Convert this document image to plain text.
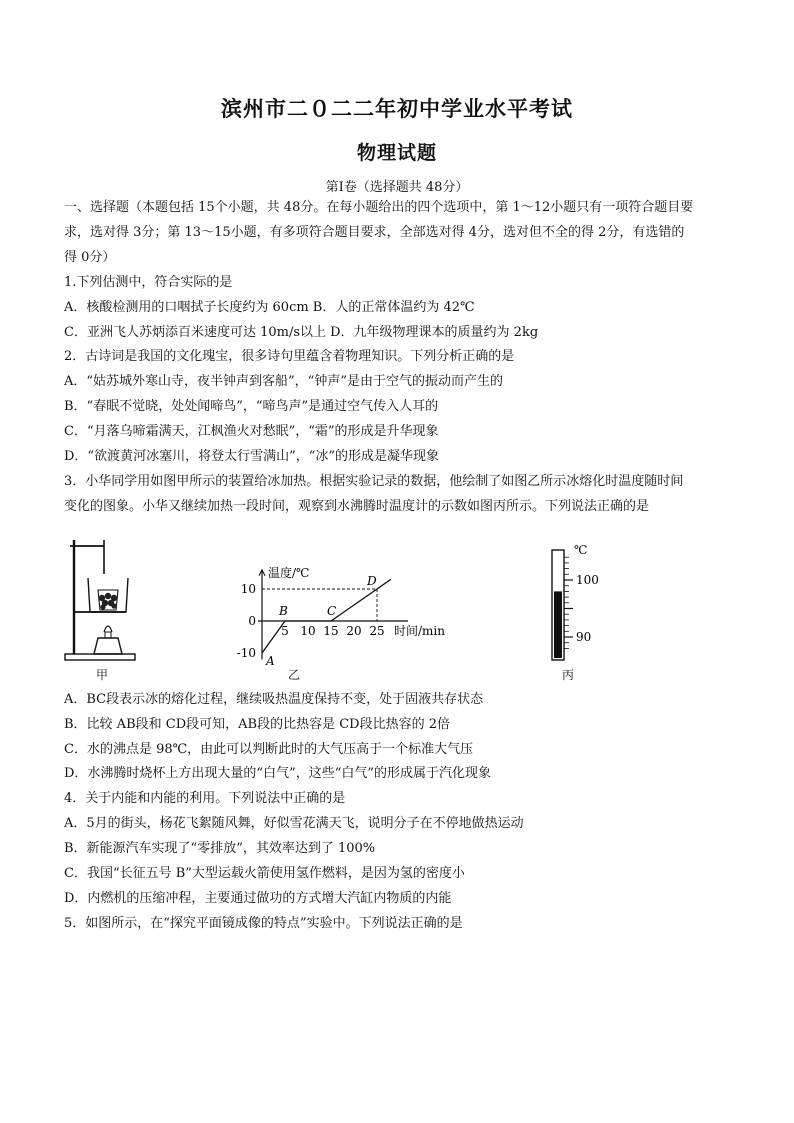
滨州市二０二二年初中学业水平考试
物理试题
第Ⅰ卷（选择题共 48分）
一、选择题（本题包括 15个小题，共 48分。在每小题给出的四个选项中，第 1～12小题只有一项符合题目要
求，选对得 3分；第 13～15小题，有多项符合题目要求，全部选对得 4分，选对但不全的得 2分，有选错的
得 0分）
1.下列估测中，符合实际的是
A．核酸检测用的口咽拭子长度约为 60cm B．人的正常体温约为 42℃
C．亚洲飞人苏炳添百米速度可达 10m/s以上 D．九年级物理课本的质量约为 2kg
2．古诗词是我国的文化瑰宝，很多诗句里蕴含着物理知识。下列分析正确的是
A．“姑苏城外寒山寺，夜半钟声到客船”，“钟声”是由于空气的振动而产生的
B．“春眠不觉晓，处处闻啼鸟”，“啼鸟声”是通过空气传入人耳的
C．“月落乌啼霜满天，江枫渔火对愁眠”，“霜”的形成是升华现象
D．“欲渡黄河冰塞川，将登太行雪满山”，“冰”的形成是凝华现象
3．小华同学用如图甲所示的装置给冰加热。根据实验记录的数据，他绘制了如图乙所示冰熔化时温度随时间
变化的图象。小华又继续加热一段时间，观察到水沸腾时温度计的示数如图丙所示。下列说法正确的是
甲
温度/℃
时间/min
5 10 15 20 25
-10
0
10
A
B	C
D
乙
℃
100
90
丙
A．BC段表示冰的熔化过程，继续吸热温度保持不变，处于固液共存状态
B．比较 AB段和 CD段可知，AB段的比热容是 CD段比热容的 2倍
C．水的沸点是 98℃，由此可以判断此时的大气压高于一个标准大气压
D．水沸腾时烧杯上方出现大量的“白气”，这些“白气”的形成属于汽化现象
4．关于内能和内能的利用。下列说法中正确的是
A．5月的街头，杨花飞絮随风舞，好似雪花满天飞，说明分子在不停地做热运动
B．新能源汽车实现了“零排放”，其效率达到了 100%
C．我国“长征五号 B”大型运载火箭使用氢作燃料，是因为氢的密度小
D．内燃机的压缩冲程，主要通过做功的方式增大汽缸内物质的内能
5．如图所示，在“探究平面镜成像的特点”实验中。下列说法正确的是
